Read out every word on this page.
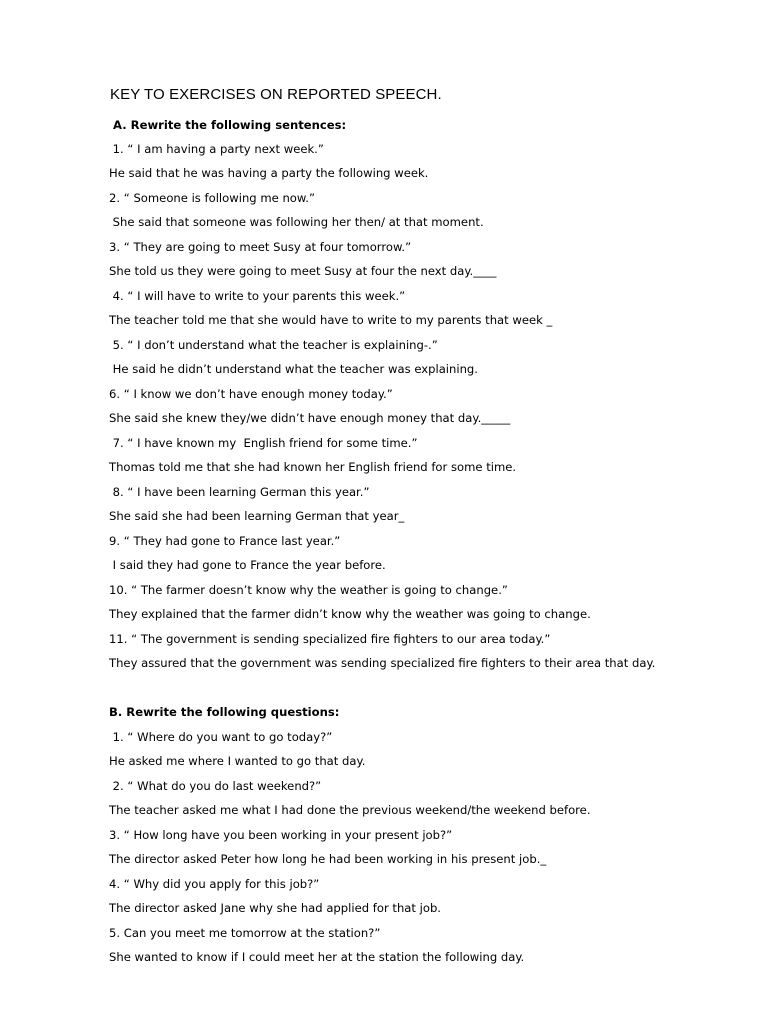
KEY TO EXERCISES ON REPORTED SPEECH.
A. Rewrite the following sentences:
1. “ I am having a party next week.”
He said that he was having a party the following week.
2. “ Someone is following me now.”
She said that someone was following her then/ at that moment.
3. “ They are going to meet Susy at four tomorrow.”
She told us they were going to meet Susy at four the next day.____
4. “ I will have to write to your parents this week.”
The teacher told me that she would have to write to my parents that week _
5. “ I don’t understand what the teacher is explaining-.”
He said he didn’t understand what the teacher was explaining.
6. “ I know we don’t have enough money today.”
She said she knew they/we didn’t have enough money that day._____
7. “ I have known my  English friend for some time.”
Thomas told me that she had known her English friend for some time.
8. “ I have been learning German this year.”
She said she had been learning German that year_
9. “ They had gone to France last year.”
I said they had gone to France the year before.
10. “ The farmer doesn’t know why the weather is going to change.”
They explained that the farmer didn’t know why the weather was going to change.
11. “ The government is sending specialized fire fighters to our area today.”
They assured that the government was sending specialized fire fighters to their area that day.
B. Rewrite the following questions:
1. “ Where do you want to go today?”
He asked me where I wanted to go that day.
2. “ What do you do last weekend?”
The teacher asked me what I had done the previous weekend/the weekend before.
3. “ How long have you been working in your present job?”
The director asked Peter how long he had been working in his present job._
4. “ Why did you apply for this job?”
The director asked Jane why she had applied for that job.
5. Can you meet me tomorrow at the station?”
She wanted to know if I could meet her at the station the following day.
